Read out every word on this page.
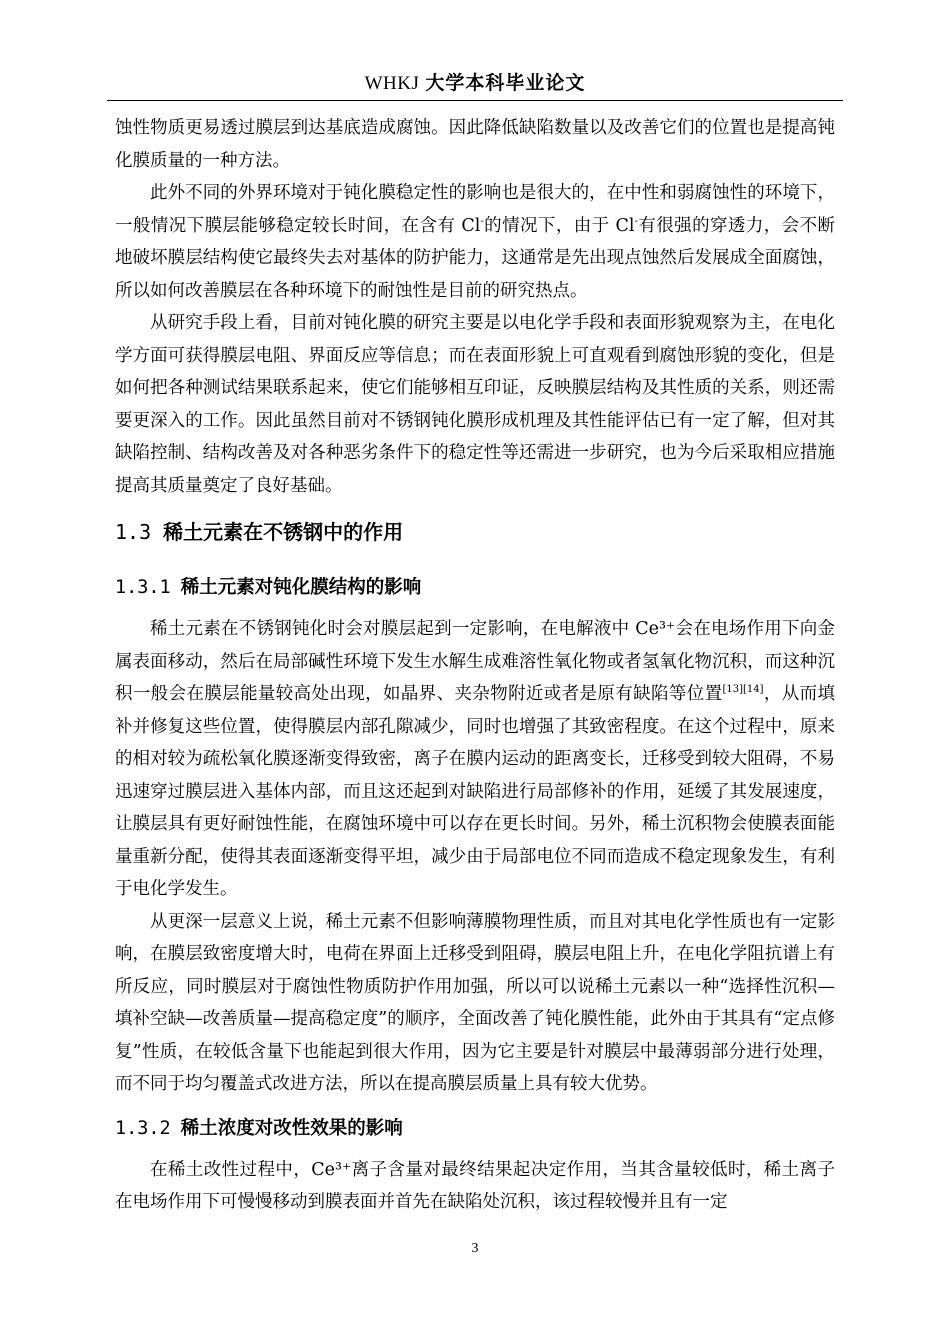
WHKJ 大学本科毕业论文

蚀性物质更易透过膜层到达基底造成腐蚀。因此降低缺陷数量以及改善它们的位置也是提高钝化膜质量的一种方法。

此外不同的外界环境对于钝化膜稳定性的影响也是很大的，在中性和弱腐蚀性的环境下，一般情况下膜层能够稳定较长时间，在含有 Cl-的情况下，由于 Cl-有很强的穿透力，会不断地破坏膜层结构使它最终失去对基体的防护能力，这通常是先出现点蚀然后发展成全面腐蚀，所以如何改善膜层在各种环境下的耐蚀性是目前的研究热点。

从研究手段上看，目前对钝化膜的研究主要是以电化学手段和表面形貌观察为主，在电化学方面可获得膜层电阻、界面反应等信息；而在表面形貌上可直观看到腐蚀形貌的变化，但是如何把各种测试结果联系起来，使它们能够相互印证，反映膜层结构及其性质的关系，则还需要更深入的工作。因此虽然目前对不锈钢钝化膜形成机理及其性能评估已有一定了解，但对其缺陷控制、结构改善及对各种恶劣条件下的稳定性等还需进一步研究，也为今后采取相应措施提高其质量奠定了良好基础。

1.3 稀土元素在不锈钢中的作用
1.3.1 稀土元素对钝化膜结构的影响

稀土元素在不锈钢钝化时会对膜层起到一定影响，在电解液中 Ce³⁺会在电场作用下向金属表面移动，然后在局部碱性环境下发生水解生成难溶性氧化物或者氢氧化物沉积，而这种沉积一般会在膜层能量较高处出现，如晶界、夹杂物附近或者是原有缺陷等位置[13][14]，从而填补并修复这些位置，使得膜层内部孔隙减少，同时也增强了其致密程度。在这个过程中，原来的相对较为疏松氧化膜逐渐变得致密，离子在膜内运动的距离变长，迁移受到较大阻碍，不易迅速穿过膜层进入基体内部，而且这还起到对缺陷进行局部修补的作用，延缓了其发展速度，让膜层具有更好耐蚀性能，在腐蚀环境中可以存在更长时间。另外，稀土沉积物会使膜表面能量重新分配，使得其表面逐渐变得平坦，减少由于局部电位不同而造成不稳定现象发生，有利于电化学发生。

从更深一层意义上说，稀土元素不但影响薄膜物理性质，而且对其电化学性质也有一定影响，在膜层致密度增大时，电荷在界面上迁移受到阻碍，膜层电阻上升，在电化学阻抗谱上有所反应，同时膜层对于腐蚀性物质防护作用加强，所以可以说稀土元素以一种“选择性沉积—填补空缺—改善质量—提高稳定度”的顺序，全面改善了钝化膜性能，此外由于其具有“定点修复”性质，在较低含量下也能起到很大作用，因为它主要是针对膜层中最薄弱部分进行处理，而不同于均匀覆盖式改进方法，所以在提高膜层质量上具有较大优势。

1.3.2 稀土浓度对改性效果的影响

在稀土改性过程中，Ce³⁺离子含量对最终结果起决定作用，当其含量较低时，稀土离子在电场作用下可慢慢移动到膜表面并首先在缺陷处沉积，该过程较慢并且有一定

3
